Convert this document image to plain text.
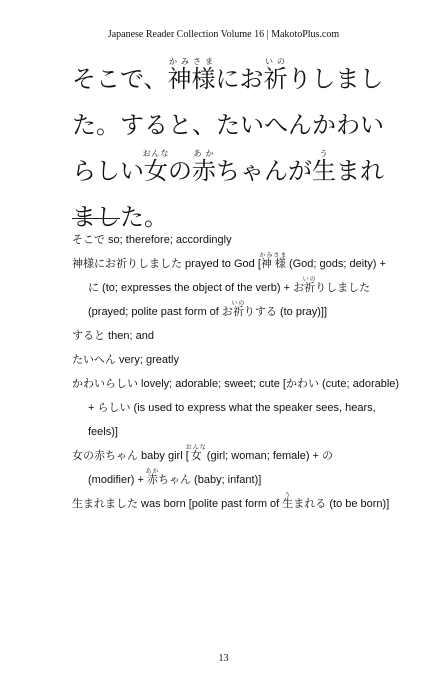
Japanese Reader Collection Volume 16 | MakotoPlus.com

そこで、神様かみさまにお祈いのりしました。すると、たいへんかわいらしい女おんなの赤あかちゃんが生うまれました。

そこで so; therefore; accordingly

神様にお祈りしました prayed to God [神様かみさま (God; gods; deity) +

に (to; expresses the object of the verb) + お祈いのりしました

(prayed; polite past form of お祈いのりする (to pray)]]

すると then; and

たいへん very; greatly

かわいらしい lovely; adorable; sweet; cute [かわい (cute; adorable) + らしい (is used to express what the speaker sees, hears, feels)]

女の赤ちゃん baby girl [女おんな (girl; woman; female) + の

(modifier) + 赤あかちゃん (baby; infant)]

生まれました was born [polite past form of 生うまれる (to be born)]

13
